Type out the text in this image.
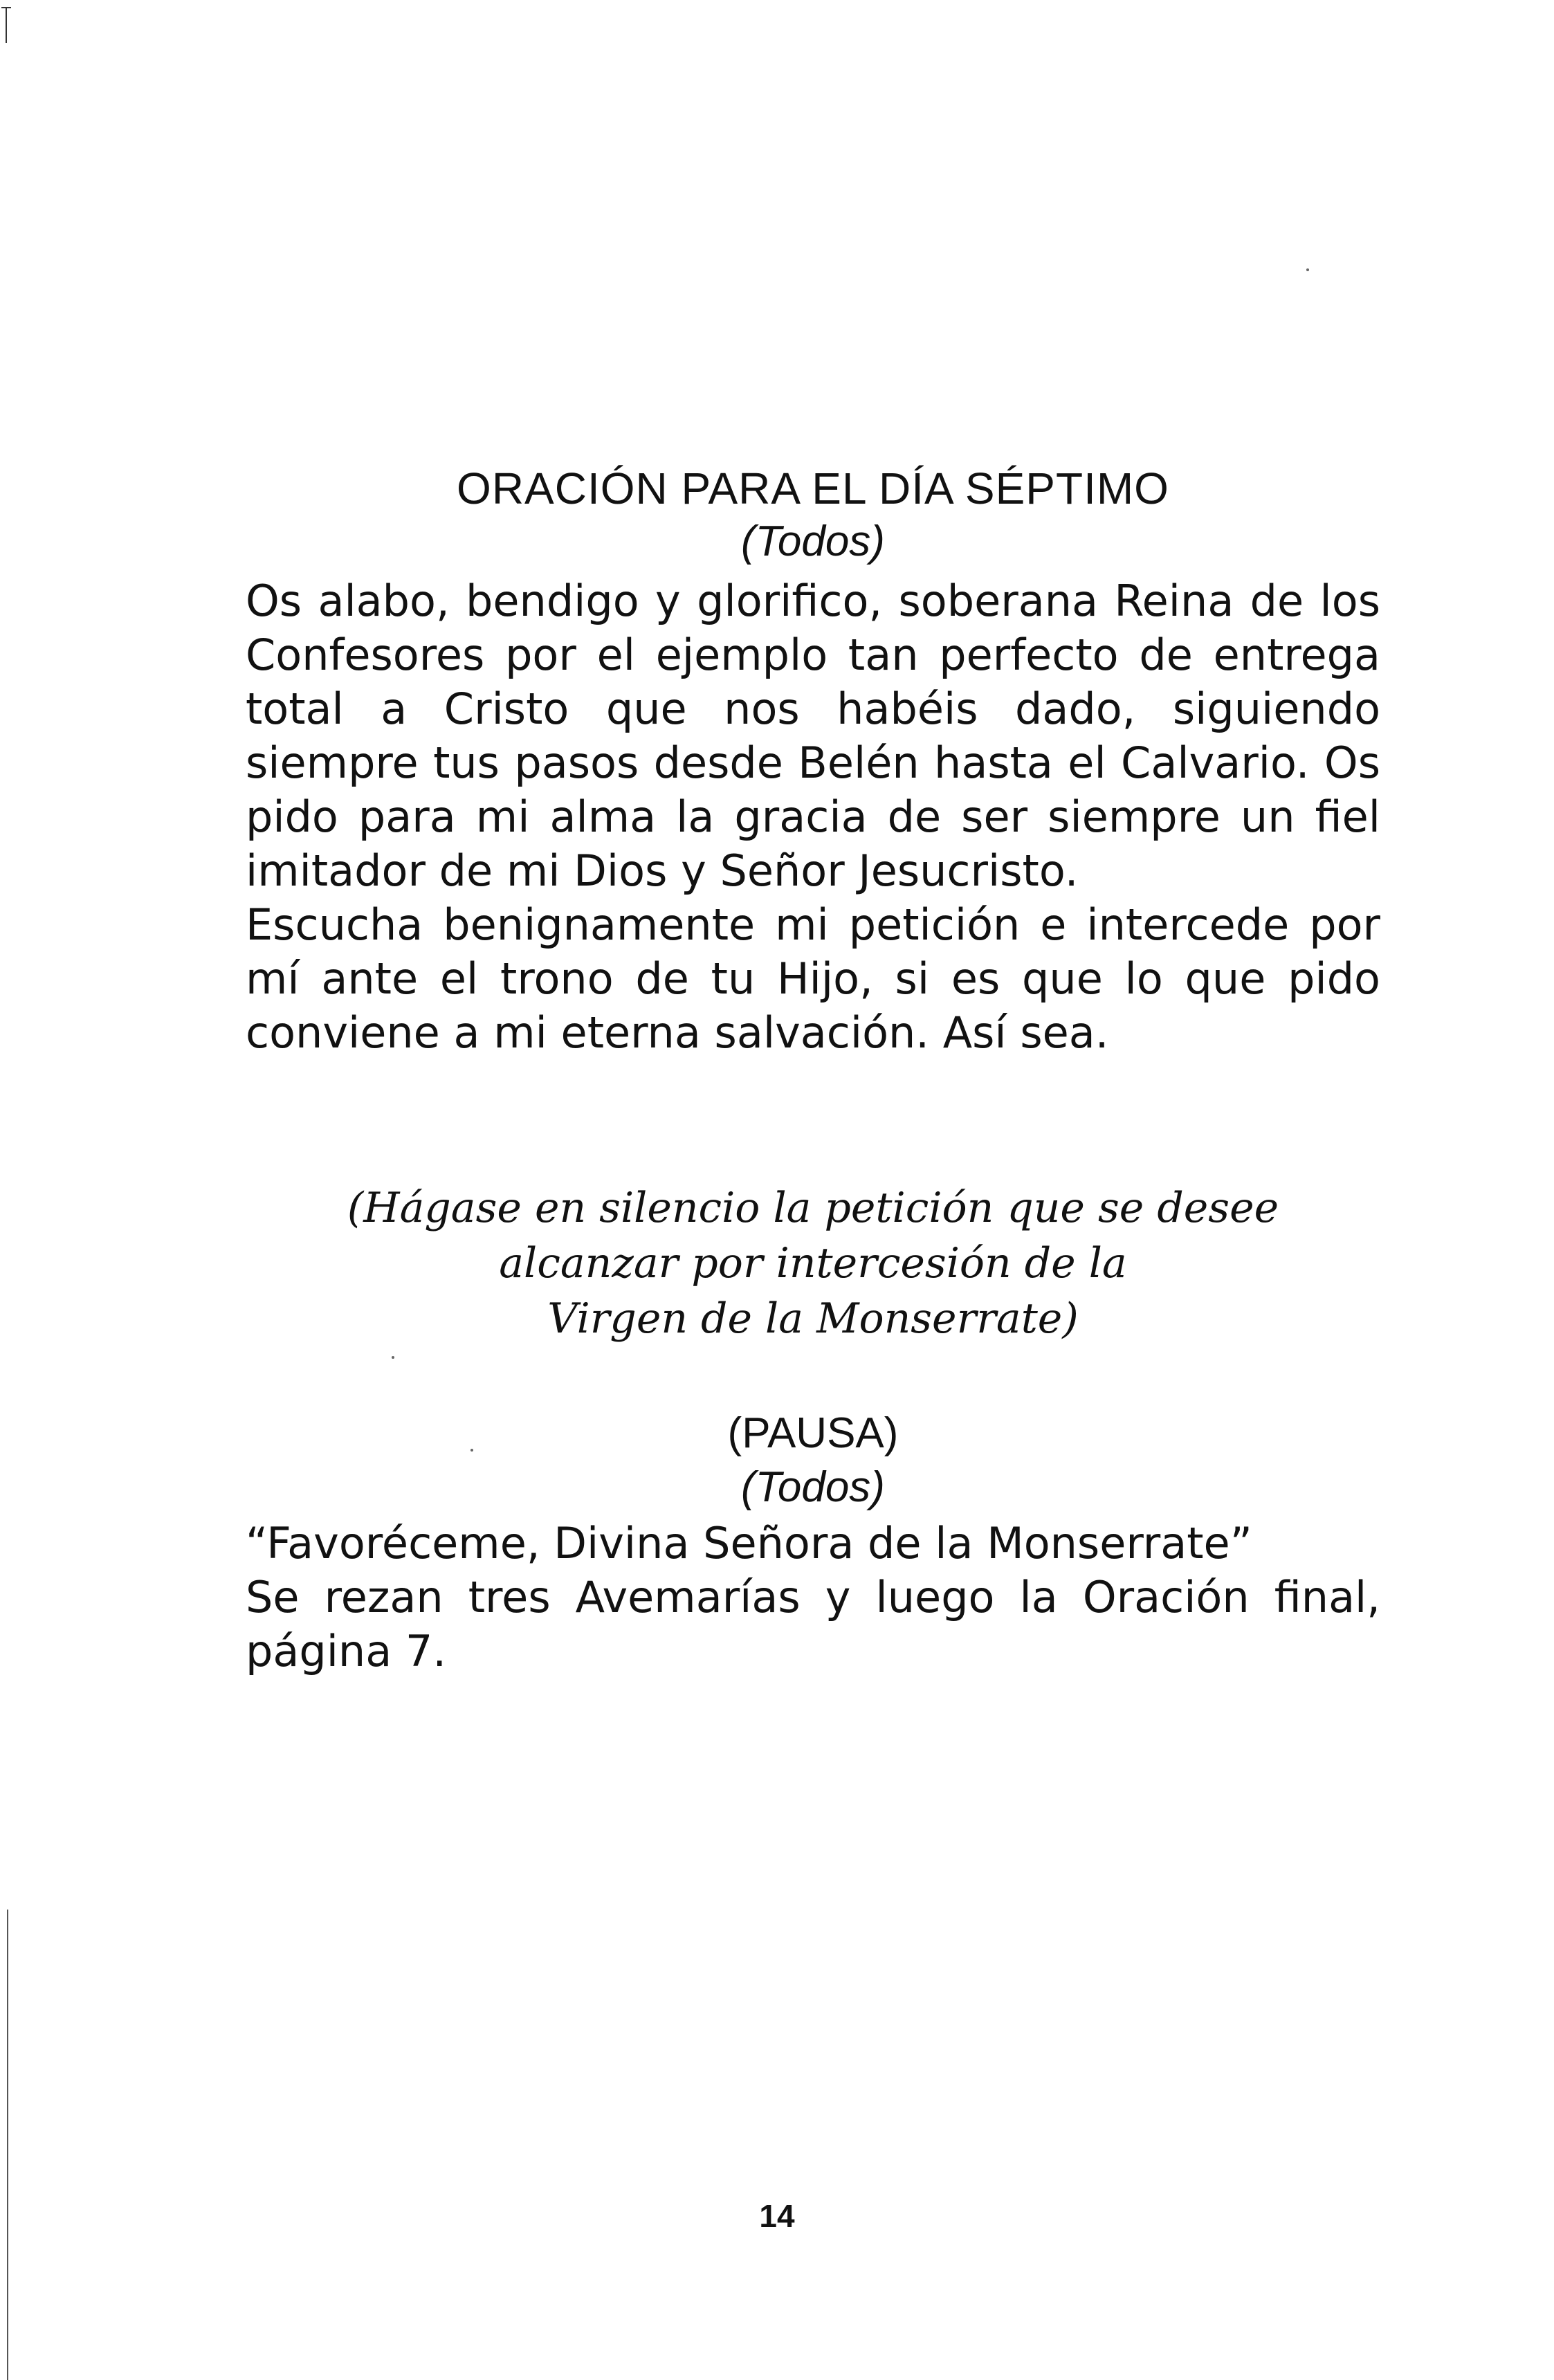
ORACIÓN PARA EL DÍA SÉPTIMO
(Todos)

Os alabo, bendigo y glorifico, soberana Reina de los Confesores por el ejemplo tan perfecto de entrega total a Cristo que nos habéis dado, siguiendo siempre tus pasos desde Belén hasta el Calvario. Os pido para mi alma la gracia de ser siempre un fiel imitador de mi Dios y Señor Jesucristo.

Escucha benignamente mi petición e intercede por mí ante el trono de tu Hijo, si es que lo que pido conviene a mi eterna salvación. Así sea.

(Hágase en silencio la petición que se desee
alcanzar por intercesión de la
Virgen de la Monserrate)
(PAUSA)
(Todos)

“Favoréceme, Divina Señora de la Monserrate”

Se rezan tres Avemarías y luego la Oración final, página 7.

14
